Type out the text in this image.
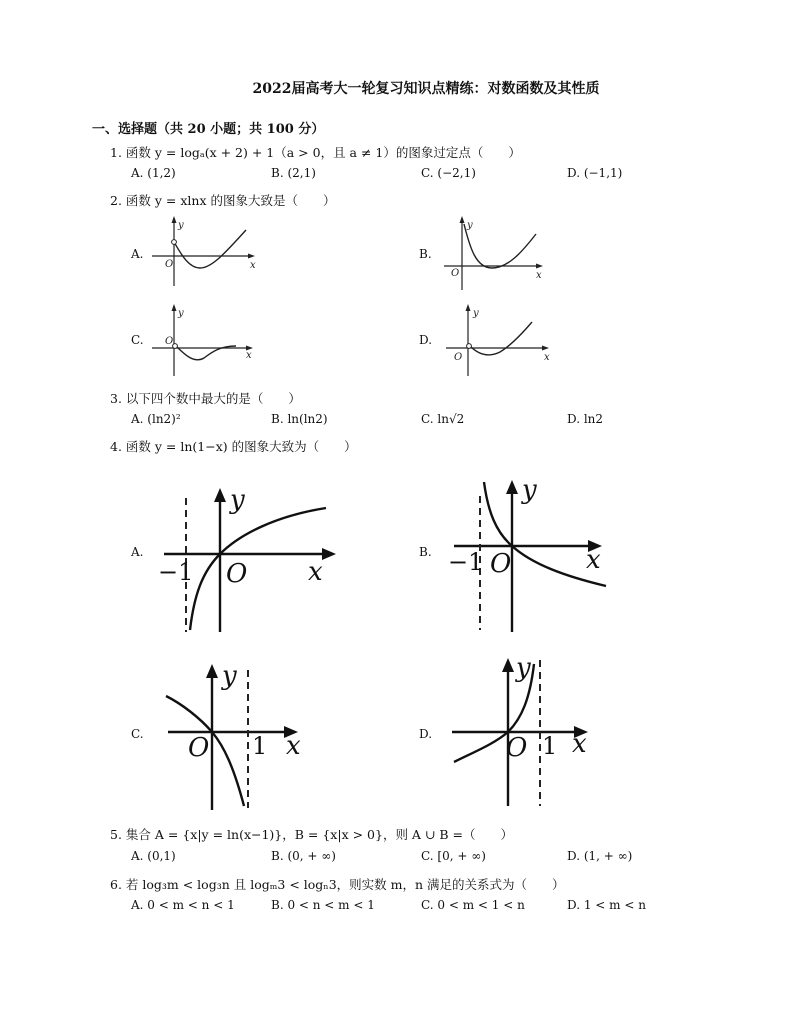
2022届高考大一轮复习知识点精练：对数函数及其性质
一、选择题（共 20 小题；共 100 分）
1. 函数 y = logₐ(x + 2) + 1（a > 0，且 a ≠ 1）的图象过定点（　　）
A. (1,2)	B. (2,1)	C. (−2,1)	D. (−1,1)
2. 函数 y = xlnx 的图象大致是（　　）
A.
y
O	x
B.
y
O	x
C.
y
O
x
D.
y
O	x
3. 以下四个数中最大的是（　　）
A. (ln2)²	B. ln(ln2)	C. ln√2	D. ln2
4. 函数 y = ln(1−x) 的图象大致为（　　）
A.
y
−1 O x
B.
y
−1 O	x
C.
y
O 1 x	D.
y
O 1 x
5. 集合 A = {x|y = ln(x−1)}，B = {x|x > 0}，则 A ∪ B =（　　）
A. (0,1)	B. (0, + ∞)	C. [0, + ∞)	D. (1, + ∞)
6. 若 log₃m < log₃n 且 logₘ3 < logₙ3，则实数 m，n 满足的关系式为（　　）
A. 0 < m < n < 1	B. 0 < n < m < 1	C. 0 < m < 1 < n	D. 1 < m < n
